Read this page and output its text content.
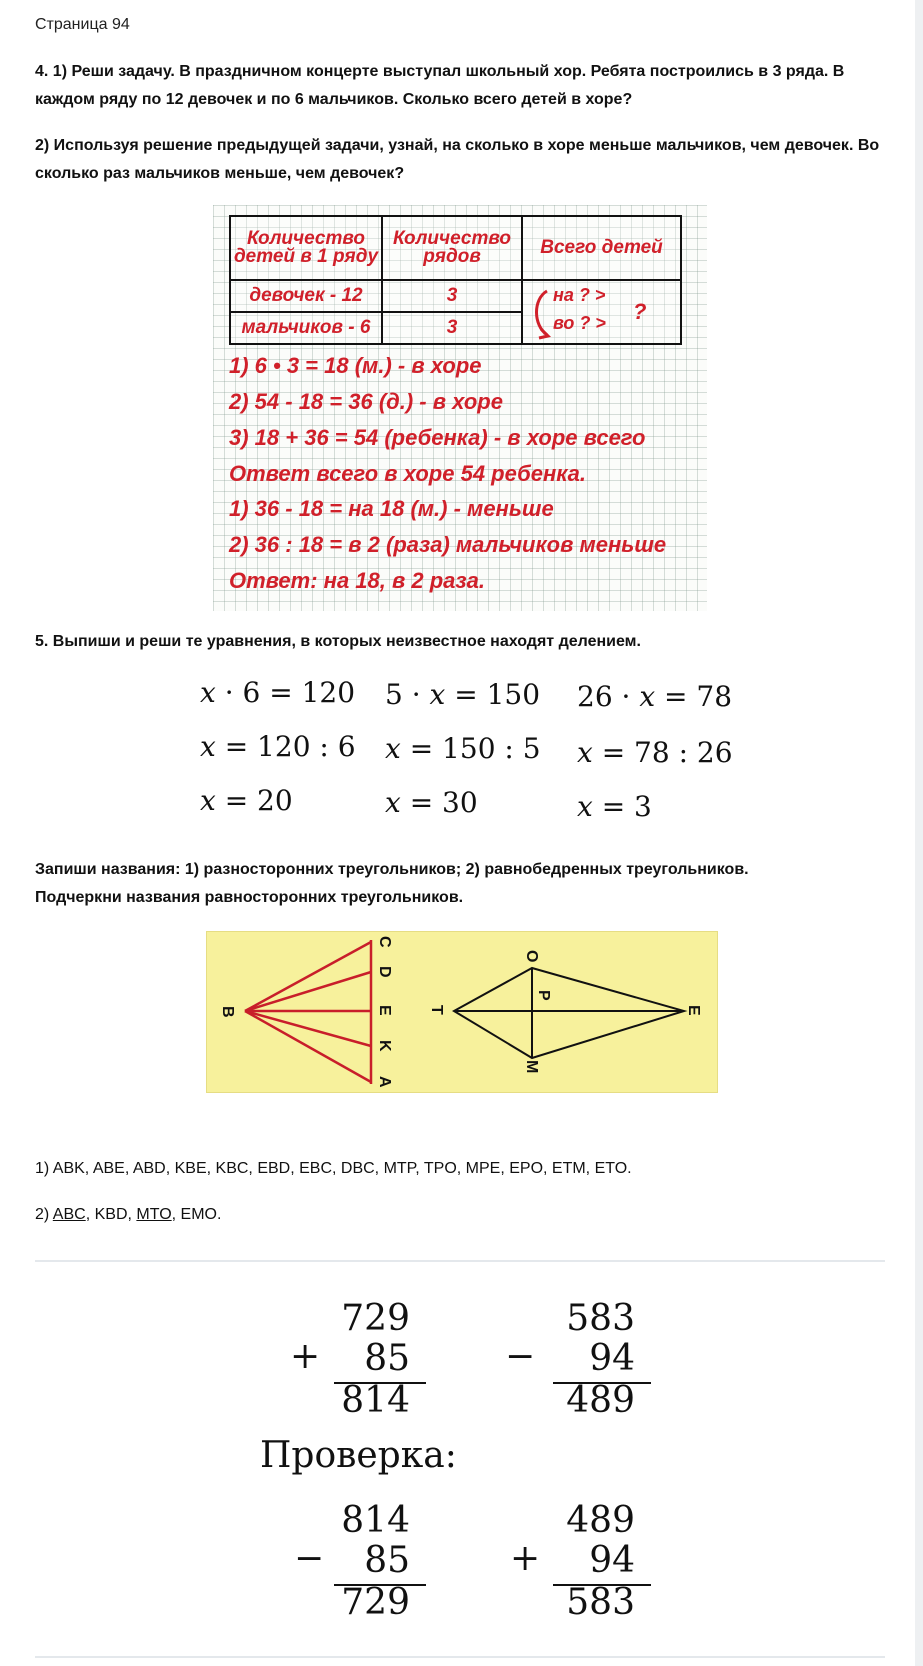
Страница 94
4. 1) Реши задачу. В праздничном концерте выступал школьный хор. Ребята построились в 3 ряда. В каждом ряду по 12 девочек и по 6 мальчиков. Сколько всего детей в хоре?
2) Используя решение предыдущей задачи, узнай, на сколько в хоре меньше мальчиков, чем девочек. Во сколько раз мальчиков меньше, чем девочек?
Количество детей в 1 ряду	Количество рядов	Всего детей
девочек - 12	3	на ? >
во ? > ?

мальчиков - 6	3	
1) 6 • 3 = 18 (м.) - в хоре
2) 54 - 18 = 36 (д.) - в хоре
3) 18 + 36 = 54 (ребенка) - в хоре всего
Ответ всего в хоре 54 ребенка.
1) 36 - 18 = на 18 (м.) - меньше
2) 36 : 18 = в 2 (раза) мальчиков меньше
Ответ: на 18, в 2 раза.
5. Выпиши и реши те уравнения, в которых неизвестное находят делением.
x · 6 = 120
x = 120 : 6
x = 20
5 · x = 150
x = 150 : 5
x = 30
26 · x = 78
x = 78 : 26
x = 3
Запиши названия: 1) разносторонних треугольников; 2) равнобедренных треугольников.
Подчеркни названия равносторонних треугольников.
B
C
D
E
K
A
T
O
P
M
E
1) ABK, ABE, ABD, KBE, KBC, EBD, EBC, DBC, MTP, TPO, MPE, EPO, ETM, ETO.
2) ABC, KBD, MTO, EMO.
729
+	85
814
583
−	94
489
Проверка:
814
−	85
729
489
+	94
583
